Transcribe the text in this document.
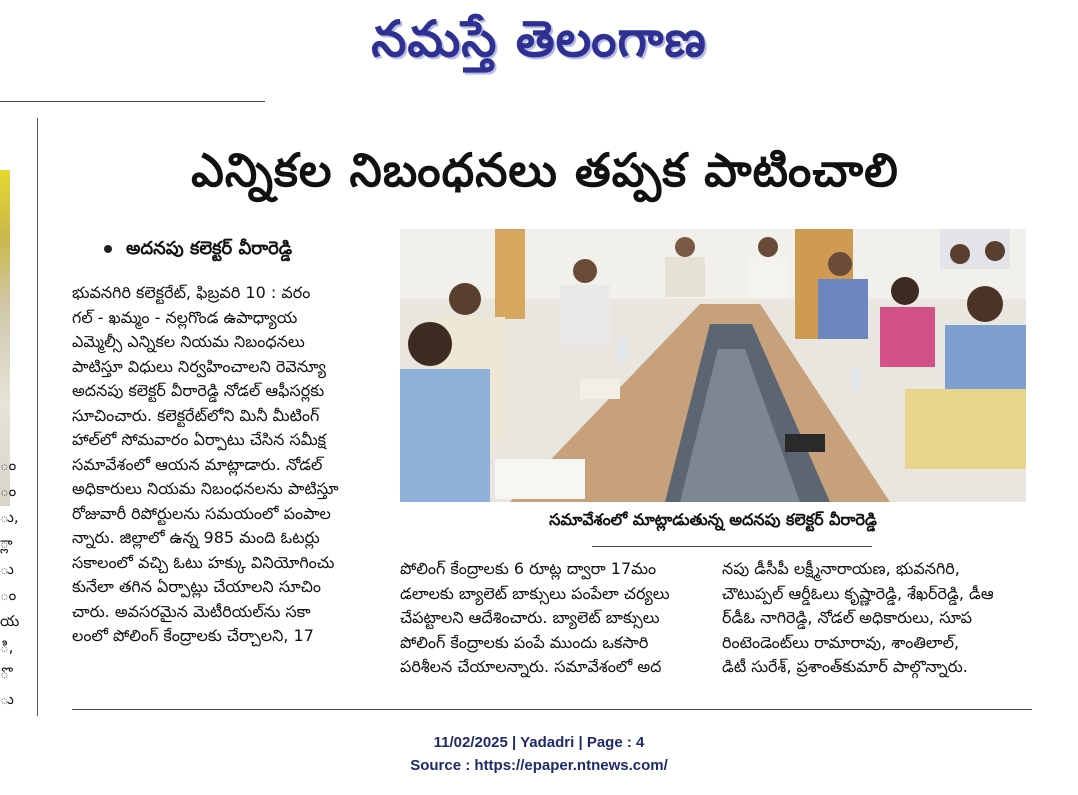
నమస్తే తెలంగాణ
ం
ం
ు,
్లా
ు
ం
య
ి,
ొ
ు
ఎన్నికల నిబంధనలు తప్పక పాటించాలి
అదనపు కలెక్టర్ వీరారెడ్డి

భువనగిరి కలెక్టరేట్, ఫిబ్రవరి 10 : వరం

గల్ - ఖమ్మం - నల్లగొండ ఉపాధ్యాయ

ఎమ్మెల్సీ ఎన్నికల నియమ నిబంధనలు

పాటిస్తూ విధులు నిర్వహించాలని రెవెన్యూ

అదనపు కలెక్టర్ వీరారెడ్డి నోడల్ ఆఫీసర్లకు

సూచించారు. కలెక్టరేట్‌లోని మినీ మీటింగ్

హాల్‌లో సోమవారం ఏర్పాటు చేసిన సమీక్ష

సమావేశంలో ఆయన మాట్లాడారు. నోడల్

అధికారులు నియమ నిబంధనలను పాటిస్తూ

రోజువారీ రిపోర్టులను సమయంలో పంపాల

న్నారు. జిల్లాలో ఉన్న 985 మంది ఓటర్లు

సకాలంలో వచ్చి ఓటు హక్కు వినియోగించు

కునేలా తగిన ఏర్పాట్లు చేయాలని సూచిం

చారు. అవసరమైన మెటీరియల్‌ను సకా

లంలో పోలింగ్ కేంద్రాలకు చేర్చాలని, 17

సమావేశంలో మాట్లాడుతున్న అదనపు కలెక్టర్ వీరారెడ్డి

పోలింగ్ కేంద్రాలకు 6 రూట్ల ద్వారా 17మం

డలాలకు బ్యాలెట్ బాక్సులు పంపేలా చర్యలు

చేపట్టాలని ఆదేశించారు. బ్యాలెట్ బాక్సులు

పోలింగ్ కేంద్రాలకు పంపే ముందు ఒకసారి

పరిశీలన చేయాలన్నారు. సమావేశంలో అద

నపు డీసీపీ లక్ష్మీనారాయణ, భువనగిరి,

చౌటుప్పల్ ఆర్డీఓలు కృష్ణారెడ్డి, శేఖర్‌రెడ్డి, డీఆ

ర్‌డీఓ నాగిరెడ్డి, నోడల్ అధికారులు, సూప

రింటెండెంట్‌లు రామారావు, శాంతిలాల్,

డిటీ సురేశ్, ప్రశాంత్‌కుమార్ పాల్గొన్నారు.

11/02/2025 | Yadadri | Page : 4
Source : https://epaper.ntnews.com/
